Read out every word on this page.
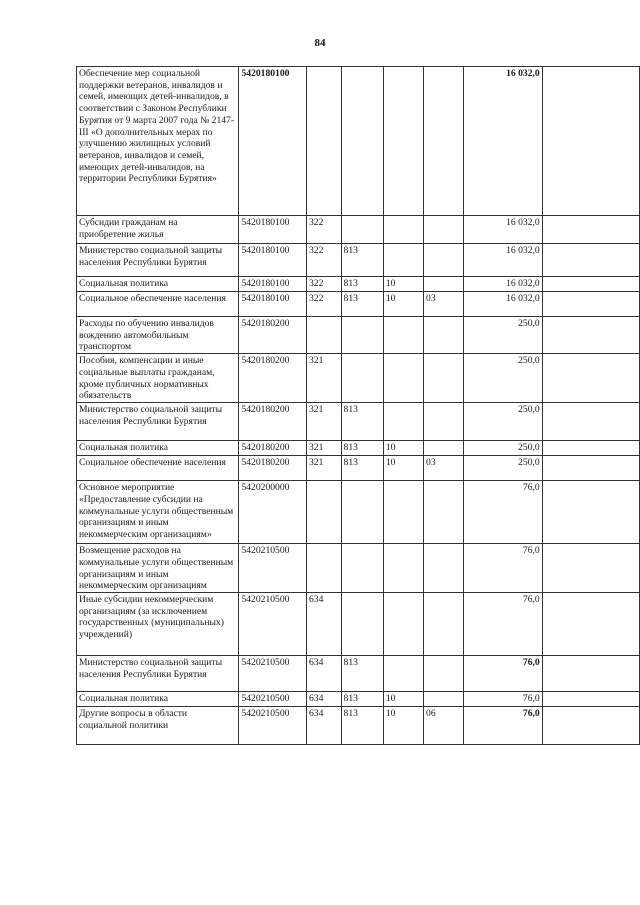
84
Обеспечение мер социальной поддержки ветеранов, инвалидов и семей, имеющих детей-инвалидов, в соответствии с Законом Республики Бурятия от 9 марта 2007 года № 2147-III «О дополнительных мерах по улучшению жилищных условий ветеранов, инвалидов и семей, имеющих детей-инвалидов, на территории Республики Бурятия»	5420180100					16 032,0	
Субсидии гражданам на приобретение жилья	5420180100	322				16 032,0	
Министерство социальной защиты населения Республики Бурятия	5420180100	322	813			16 032,0	
Социальная политика	5420180100	322	813	10		16 032,0	
Социальное обеспечение населения	5420180100	322	813	10	03	16 032,0	
Расходы по обучению инвалидов вождению автомобильным транспортом	5420180200					250,0	
Пособия, компенсации и иные социальные выплаты гражданам, кроме публичных нормативных обязательств	5420180200	321				250,0	
Министерство социальной защиты населения Республики Бурятия	5420180200	321	813			250,0	
Социальная политика	5420180200	321	813	10		250,0	
Социальное обеспечение населения	5420180200	321	813	10	03	250,0	
Основное мероприятие «Предоставление субсидии на коммунальные услуги общественным организациям и иным некоммерческим организациям»	5420200000					76,0	
Возмещение расходов на коммунальные услуги общественным организациям и иным некоммерческим организациям	5420210500					76,0	
Иные субсидии некоммерческим организациям (за исключением государственных (муниципальных) учреждений)	5420210500	634				76,0	
Министерство социальной защиты населения Республики Бурятия	5420210500	634	813			76,0	
Социальная политика	5420210500	634	813	10		76,0	
Другие вопросы в области социальной политики	5420210500	634	813	10	06	76,0	
